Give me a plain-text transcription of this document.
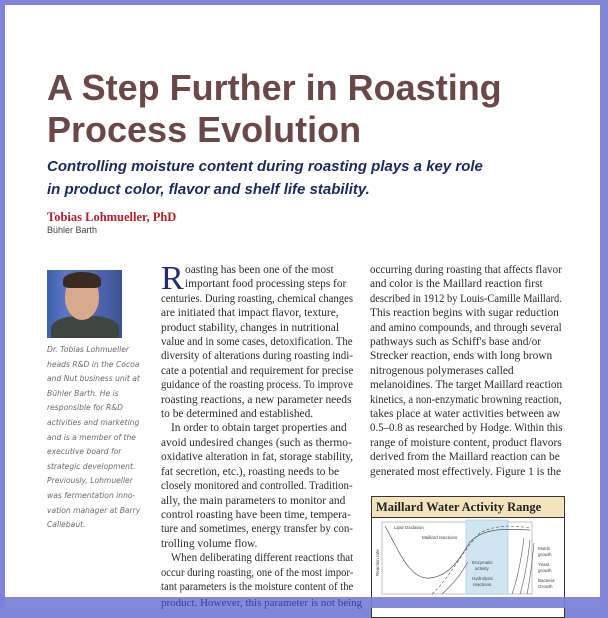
A Step Further in Roasting
Process Evolution
Controlling moisture content during roasting plays a key role
in product color, flavor and shelf life stability.
Tobias Lohmueller, PhD
Bühler Barth
Dr. Tobias Lohmueller
heads R&D in the Cocoa
and Nut business unit at
Bühler Barth. He is
responsible for R&D
activities and marketing
and is a member of the
executive board for
strategic development.
Previously, Lohmueller
was fermentation inno-
vation manager at Barry
Callebaut.
R oasting has been one of the most
important food processing steps for
centuries. During roasting, chemical changes
are initiated that impact flavor, texture,
product stability, changes in nutritional
value and in some cases, detoxification. The
diversity of alterations during roasting indi-
cate a potential and requirement for precise
guidance of the roasting process. To improve
roasting reactions, a new parameter needs
to be determined and established.
In order to obtain target properties and
avoid undesired changes (such as thermo-
oxidative alteration in fat, storage stability,
fat secretion, etc.), roasting needs to be
closely monitored and controlled. Tradition-
ally, the main parameters to monitor and
control roasting have been time, tempera-
ture and sometimes, energy transfer by con-
trolling volume flow.
When deliberating different reactions that
occur during roasting, one of the most impor-
tant parameters is the moisture content of the
occurring during roasting that affects flavor
and color is the Maillard reaction first
described in 1912 by Louis-Camille Maillard.
This reaction begins with sugar reduction
and amino compounds, and through several
pathways such as Schiff's base and/or
Strecker reaction, ends with long brown
nitrogenous polymerases called
melanoidines. The target Maillard reaction
kinetics, a non-enzymatic browning reaction,
takes place at water activities between aw
0.5–0.8 as researched by Hodge. Within this
range of moisture content, product flavors
derived from the Maillard reaction can be
generated most effectively. Figure 1 is the
Maillard Water Activity Range
Reaction rate
Lipid Oxidation
Maillard reactions
Enzymatic
activity
Hydrolysis
reactions
Molds
growth
Yeast
growth
Bacteria
Growth
product. However, this parameter is not being
